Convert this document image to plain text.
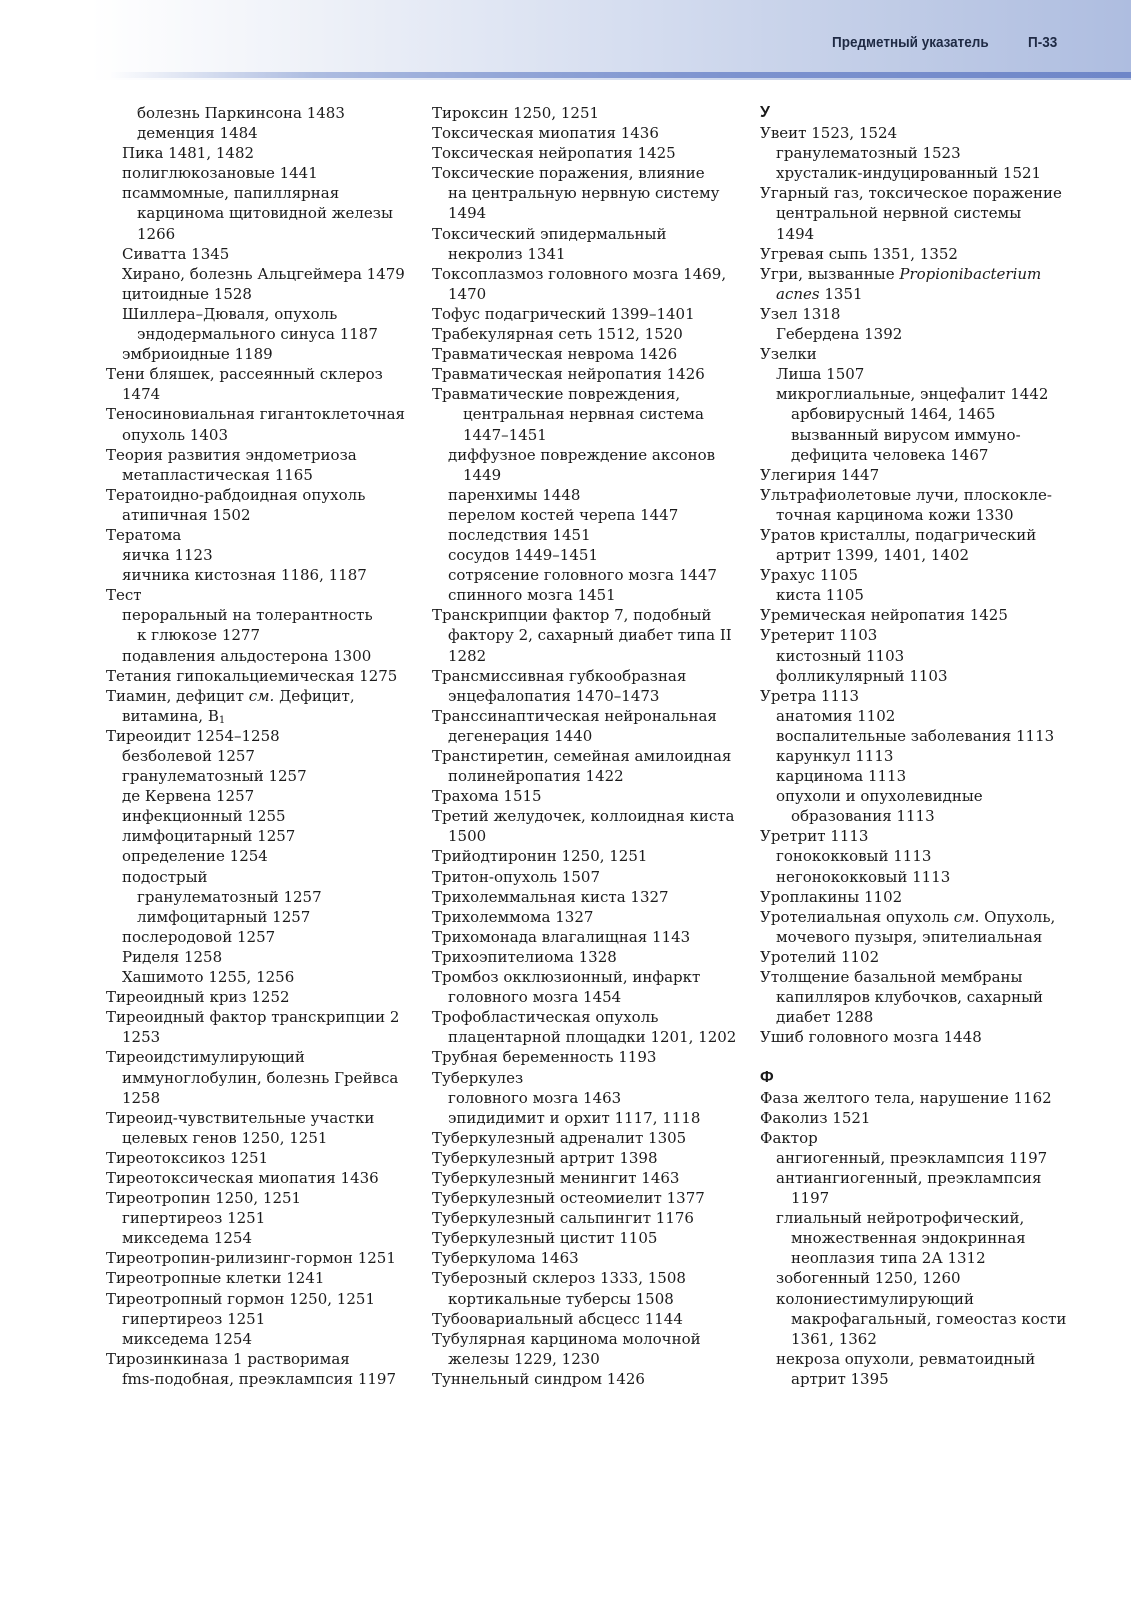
Предметный указатель	П-33
болезнь Паркинсона 1483
деменция 1484
Пика 1481, 1482
полиглюкозановые 1441
псаммомные, папиллярная
карцинома щитовидной железы
1266
Сиватта 1345
Хирано, болезнь Альцгеймера 1479
цитоидные 1528
Шиллера–Дюваля, опухоль
эндодермального синуса 1187
эмбриоидные 1189
Тени бляшек, рассеянный склероз
1474
Теносиновиальная гигантоклеточная
опухоль 1403
Теория развития эндометриоза
метапластическая 1165
Тератоидно-рабдоидная опухоль
атипичная 1502
Тератома
яичка 1123
яичника кистозная 1186, 1187
Тест
пероральный на толерантность
к глюкозе 1277
подавления альдостерона 1300
Тетания гипокальциемическая 1275
Тиамин, дефицит см. Дефицит,
витамина, $B_1$
Тиреоидит 1254–1258
безболевой 1257
гранулематозный 1257
де Кервена 1257
инфекционный 1255
лимфоцитарный 1257
определение 1254
подострый
гранулематозный 1257
лимфоцитарный 1257
послеродовой 1257
Риделя 1258
Хашимото 1255, 1256
Тиреоидный криз 1252
Тиреоидный фактор транскрипции 2
1253
Тиреоидстимулирующий
иммуноглобулин, болезнь Грейвса
1258
Тиреоид-чувствительные участки
целевых генов 1250, 1251
Тиреотоксикоз 1251
Тиреотоксическая миопатия 1436
Тиреотропин 1250, 1251
гипертиреоз 1251
микседема 1254
Тиреотропин-рилизинг-гормон 1251
Тиреотропные клетки 1241
Тиреотропный гормон 1250, 1251
гипертиреоз 1251
микседема 1254
Тирозинкиназа 1 растворимая
fms-подобная, преэклампсия 1197
Тироксин 1250, 1251
Токсическая миопатия 1436
Токсическая нейропатия 1425
Токсические поражения, влияние
на центральную нервную систему
1494
Токсический эпидермальный
некролиз 1341
Токсоплазмоз головного мозга 1469,
1470
Тофус подагрический 1399–1401
Трабекулярная сеть 1512, 1520
Травматическая неврома 1426
Травматическая нейропатия 1426
Травматические повреждения,
центральная нервная система
1447–1451
диффузное повреждение аксонов
1449
паренхимы 1448
перелом костей черепа 1447
последствия 1451
сосудов 1449–1451
сотрясение головного мозга 1447
спинного мозга 1451
Транскрипции фактор 7, подобный
фактору 2, сахарный диабет типа II
1282
Трансмиссивная губкообразная
энцефалопатия 1470–1473
Транссинаптическая нейрональная
дегенерация 1440
Транстиретин, семейная амилоидная
полинейропатия 1422
Трахома 1515
Третий желудочек, коллоидная киста
1500
Трийодтиронин 1250, 1251
Тритон-опухоль 1507
Трихолеммальная киста 1327
Трихолеммома 1327
Трихомонада влагалищная 1143
Трихоэпителиома 1328
Тромбоз окклюзионный, инфаркт
головного мозга 1454
Трофобластическая опухоль
плацентарной площадки 1201, 1202
Трубная беременность 1193
Туберкулез
головного мозга 1463
эпидидимит и орхит 1117, 1118
Туберкулезный адреналит 1305
Туберкулезный артрит 1398
Туберкулезный менингит 1463
Туберкулезный остеомиелит 1377
Туберкулезный сальпингит 1176
Туберкулезный цистит 1105
Туберкулома 1463
Туберозный склероз 1333, 1508
кортикальные туберсы 1508
Тубоовариальный абсцесс 1144
Тубулярная карцинома молочной
железы 1229, 1230
Туннельный синдром 1426
У
Увеит 1523, 1524
гранулематозный 1523
хрусталик-индуцированный 1521
Угарный газ, токсическое поражение
центральной нервной системы
1494
Угревая сыпь 1351, 1352
Угри, вызванные Propionibacterium
acnes 1351
Узел 1318
Гебердена 1392
Узелки
Лиша 1507
микроглиальные, энцефалит 1442
арбовирусный 1464, 1465
вызванный вирусом иммуно-
дефицита человека 1467
Улегирия 1447
Ультрафиолетовые лучи, плоскокле-
точная карцинома кожи 1330
Уратов кристаллы, подагрический
артрит 1399, 1401, 1402
Урахус 1105
киста 1105
Уремическая нейропатия 1425
Уретерит 1103
кистозный 1103
фолликулярный 1103
Уретра 1113
анатомия 1102
воспалительные заболевания 1113
карункул 1113
карцинома 1113
опухоли и опухолевидные
образования 1113
Уретрит 1113
гонококковый 1113
негонококковый 1113
Уроплакины 1102
Уротелиальная опухоль см. Опухоль,
мочевого пузыря, эпителиальная
Уротелий 1102
Утолщение базальной мембраны
капилляров клубочков, сахарный
диабет 1288
Ушиб головного мозга 1448
Ф
Фаза желтого тела, нарушение 1162
Факолиз 1521
Фактор
ангиогенный, преэклампсия 1197
антиангиогенный, преэклампсия
1197
глиальный нейротрофический,
множественная эндокринная
неоплазия типа 2А 1312
зобогенный 1250, 1260
колониестимулирующий
макрофагальный, гомеостаз кости
1361, 1362
некроза опухоли, ревматоидный
артрит 1395
